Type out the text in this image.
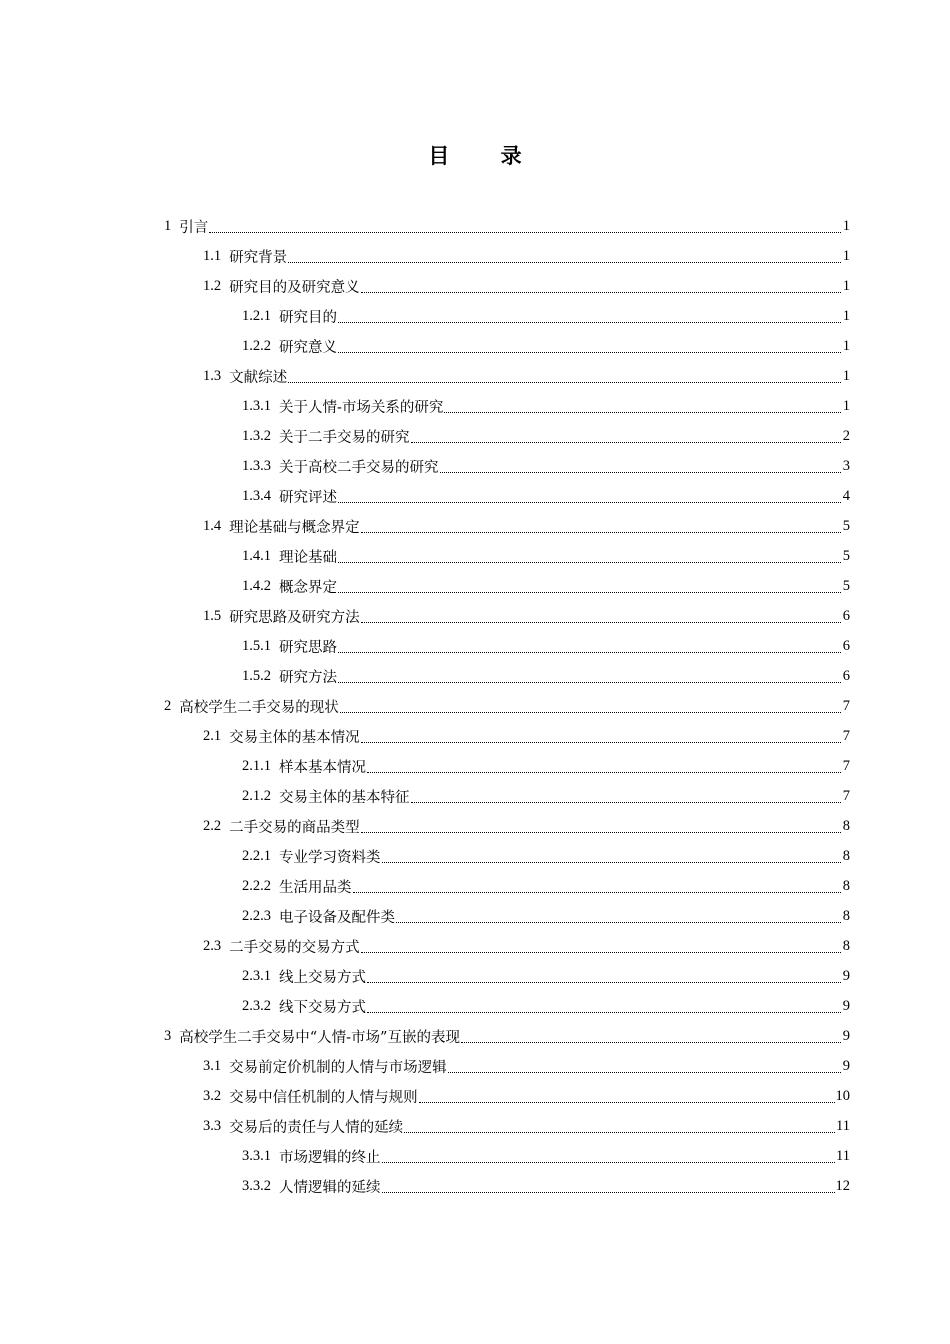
目 录
1 引言	1
1.1 研究背景	1
1.2 研究目的及研究意义	1
1.2.1 研究目的	1
1.2.2 研究意义	1
1.3 文献综述	1
1.3.1 关于人情-市场关系的研究	1
1.3.2 关于二手交易的研究	2
1.3.3 关于高校二手交易的研究	3
1.3.4 研究评述	4
1.4 理论基础与概念界定	5
1.4.1 理论基础	5
1.4.2 概念界定	5
1.5 研究思路及研究方法	6
1.5.1 研究思路	6
1.5.2 研究方法	6
2 高校学生二手交易的现状	7
2.1 交易主体的基本情况	7
2.1.1 样本基本情况	7
2.1.2 交易主体的基本特征	7
2.2 二手交易的商品类型	8
2.2.1 专业学习资料类	8
2.2.2 生活用品类	8
2.2.3 电子设备及配件类	8
2.3 二手交易的交易方式	8
2.3.1 线上交易方式	9
2.3.2 线下交易方式	9
3 高校学生二手交易中“人情-市场”互嵌的表现	9
3.1 交易前定价机制的人情与市场逻辑	9
3.2 交易中信任机制的人情与规则	10
3.3 交易后的责任与人情的延续	11
3.3.1 市场逻辑的终止	11
3.3.2 人情逻辑的延续	12
